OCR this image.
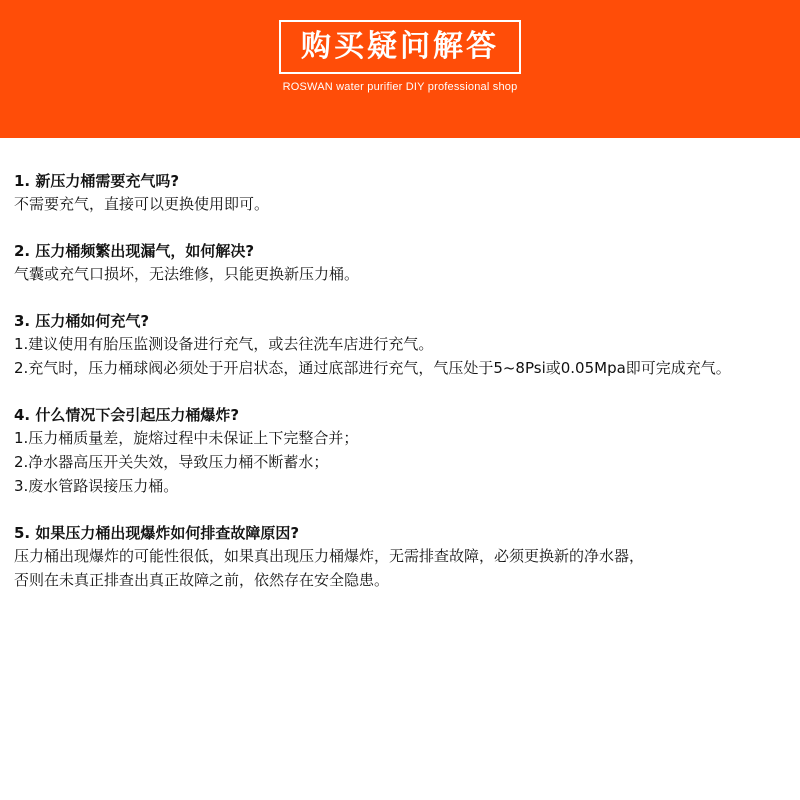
购买疑问解答
ROSWAN water purifier DIY professional shop
1. 新压力桶需要充气吗?
不需要充气，直接可以更换使用即可。
2. 压力桶频繁出现漏气，如何解决?
气囊或充气口损坏，无法维修，只能更换新压力桶。
3. 压力桶如何充气?
1.建议使用有胎压监测设备进行充气，或去往洗车店进行充气。
2.充气时，压力桶球阀必须处于开启状态，通过底部进行充气，气压处于5~8Psi或0.05Mpa即可完成充气。
4. 什么情况下会引起压力桶爆炸?
1.压力桶质量差，旋熔过程中未保证上下完整合并；
2.净水器高压开关失效，导致压力桶不断蓄水；
3.废水管路误接压力桶。
5. 如果压力桶出现爆炸如何排查故障原因?
压力桶出现爆炸的可能性很低，如果真出现压力桶爆炸，无需排查故障，必须更换新的净水器，
否则在未真正排查出真正故障之前，依然存在安全隐患。
